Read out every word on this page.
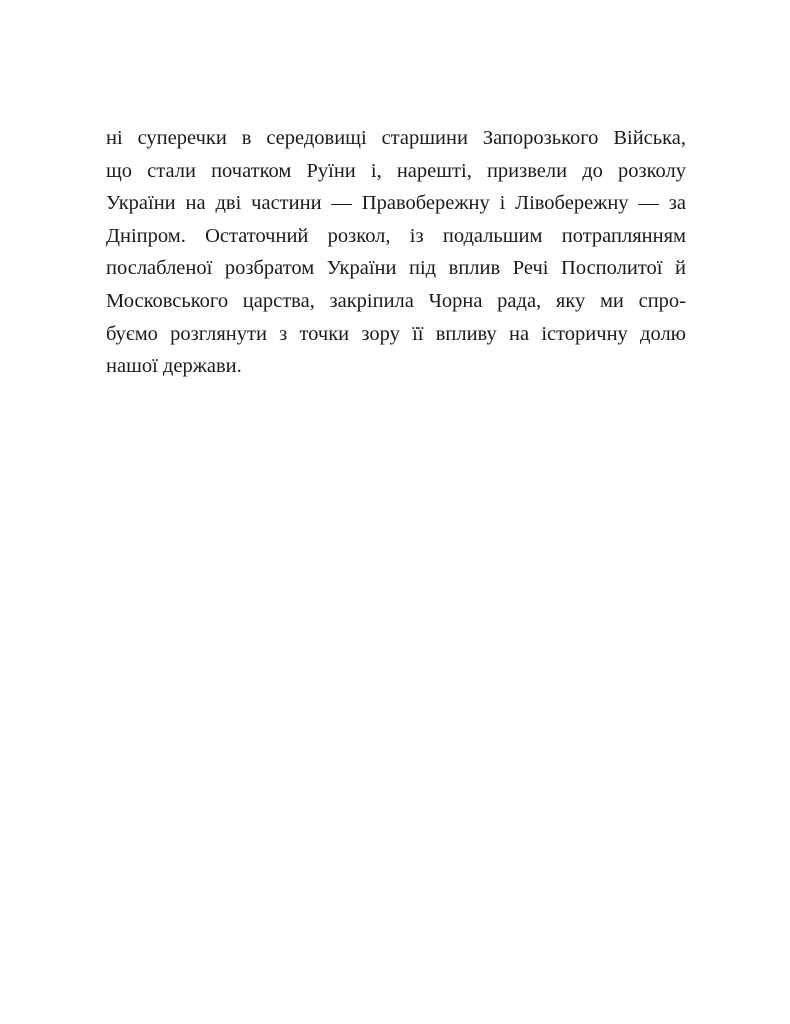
ні суперечки в середовищі старшини Запорозького Війська,
що стали початком Руїни і, нарешті, призвели до розколу
України на дві частини — Правобережну і Лівобережну — за
Дніпром. Остаточний розкол, із подальшим потраплянням
послабленої розбратом України під вплив Речі Посполитої й
Московського царства, закріпила Чорна рада, яку ми спро-
буємо розглянути з точки зору її впливу на історичну долю
нашої держави.
